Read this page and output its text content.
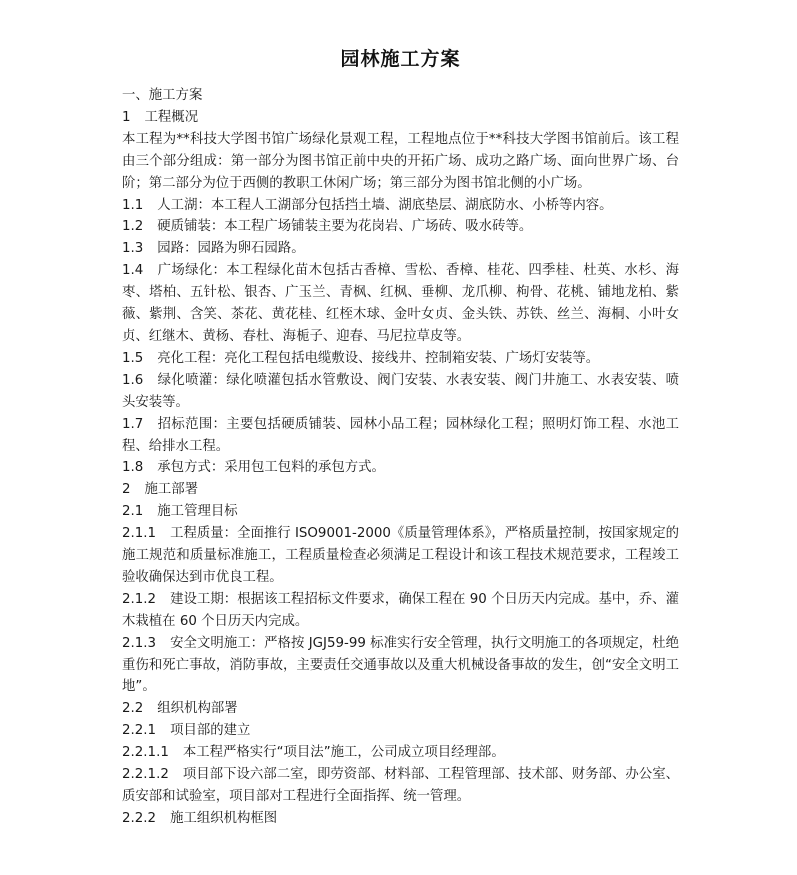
园林施工方案

一、施工方案

1 工程概况

本工程为**科技大学图书馆广场绿化景观工程，工程地点位于**科技大学图书馆前后。该工程由三个部分组成：第一部分为图书馆正前中央的开拓广场、成功之路广场、面向世界广场、台阶；第二部分为位于西侧的教职工休闲广场；第三部分为图书馆北侧的小广场。

1.1 人工湖：本工程人工湖部分包括挡土墙、湖底垫层、湖底防水、小桥等内容。

1.2 硬质铺装：本工程广场铺装主要为花岗岩、广场砖、吸水砖等。

1.3 园路：园路为卵石园路。

1.4 广场绿化：本工程绿化苗木包括古香樟、雪松、香樟、桂花、四季桂、杜英、水杉、海枣、塔柏、五针松、银杏、广玉兰、青枫、红枫、垂柳、龙爪柳、枸骨、花桃、铺地龙柏、紫薇、紫荆、含笑、茶花、黄花桂、红桎木球、金叶女贞、金头铁、苏铁、丝兰、海桐、小叶女贞、红继木、黄杨、春杜、海栀子、迎春、马尼拉草皮等。

1.5 亮化工程：亮化工程包括电缆敷设、接线井、控制箱安装、广场灯安装等。

1.6 绿化喷灌：绿化喷灌包括水管敷设、阀门安装、水表安装、阀门井施工、水表安装、喷头安装等。

1.7 招标范围：主要包括硬质铺装、园林小品工程；园林绿化工程；照明灯饰工程、水池工程、给排水工程。

1.8 承包方式：采用包工包料的承包方式。

2 施工部署

2.1 施工管理目标

2.1.1 工程质量：全面推行 ISO9001-2000《质量管理体系》，严格质量控制，按国家规定的施工规范和质量标准施工，工程质量检查必须满足工程设计和该工程技术规范要求，工程竣工验收确保达到市优良工程。

2.1.2 建设工期：根据该工程招标文件要求，确保工程在 90 个日历天内完成。基中，乔、灌木栽植在 60 个日历天内完成。

2.1.3 安全文明施工：严格按 JGJ59-99 标准实行安全管理，执行文明施工的各项规定，杜绝重伤和死亡事故，消防事故，主要责任交通事故以及重大机械设备事故的发生，创“安全文明工地”。

2.2 组织机构部署

2.2.1 项目部的建立

2.2.1.1 本工程严格实行“项目法”施工，公司成立项目经理部。

2.2.1.2 项目部下设六部二室，即劳资部、材料部、工程管理部、技术部、财务部、办公室、质安部和试验室，项目部对工程进行全面指挥、统一管理。

2.2.2 施工组织机构框图
